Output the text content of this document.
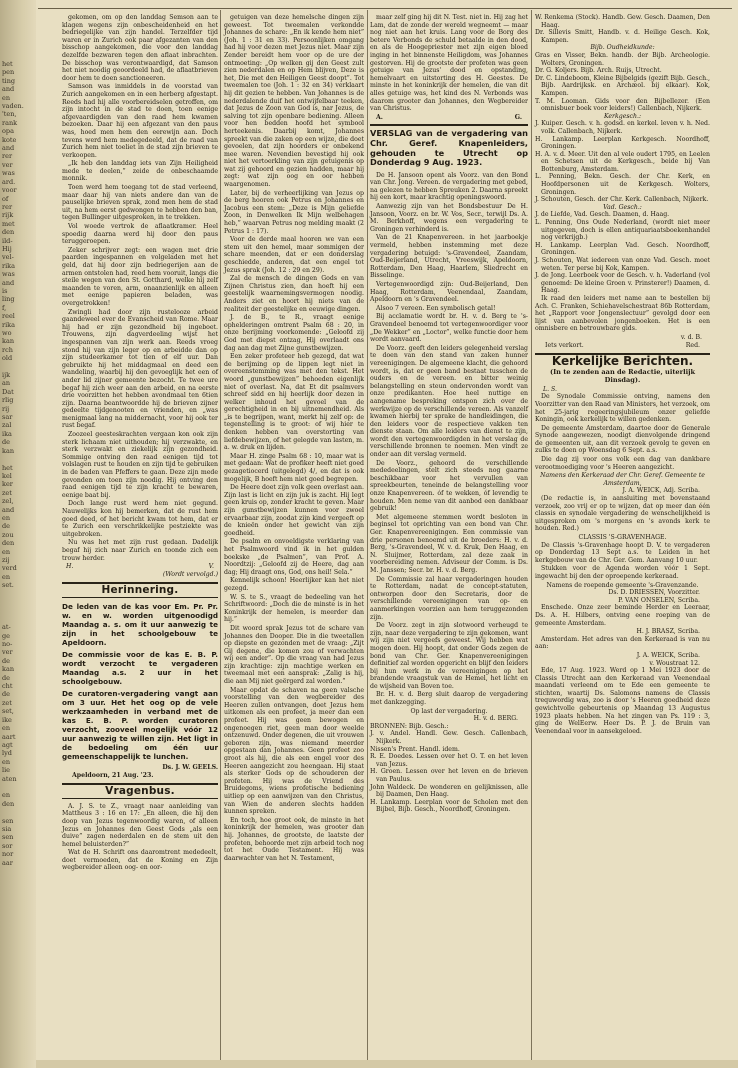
het
pen
ting
and
en
vaden.
'ten,
rank
opa
kote
and
rer
ver
was
ard.
voor
of
rer
rijk
met
den
ild-
Hij
vel-
rika
was
and
is
ling
f,
reel
rika
wo
kan
rch
old

ijk
an
Dat
rlig
rij
sar
zal
ika
de
kan

het
kel
ker
zet
zel,
and
en
de
zou
den
en
zij
verd
en
set.

at-
ge
no-
ver
de
kan
de
cht
de
zet
set,
ike
en
aart
agt
lyd
en
lie
aten

en
den

sen
sia
sen
sor
nor
aar

gekomen, om op den landdag Semson aan te klagen wegens zijn onbescheidenheid en het bedriegelijke van zijn handel. Terzelfder tijd waren er in Zurich ook paar afgezanten van den bisschop aangekomen, die voor den landdag dezelfde bezwaren tegen den aflaat inbrachten. De bisschop was verontwaardigd, dat Samson het niet noodig geoordeeld had, de aflaatbrieven door hem te doen sanctioneeren.

Samson was inmiddels in de voorstad van Zurich aangekomen en in een herberg afgestapt. Reeds had hij alle voorbereidselen getroffen, om zijn intocht in de stad te doen, toen eenige afgevaardigden van den raad hem kwamen bezoeken. Daar hij een afgezant van den paus was, hoed men hem den eerewijn aan. Doch tevens werd hem medegedeeld, dat de raad van Zurich hem niet toeliet in de stad zijn brieven te verkoopen.

„Ik heb den landdag iets van Zijn Heiligheid mede te deelen,” zeide de onbeschaamde monnik.

Toen werd hem toegang tot de stad verleend, maar daar hij van niets andere dan van de pauselijke brieven sprak, zond men hem de stad uit, na hem eerst gedwongen te hebben den ban, tegen Bullinger uitgesproken, in te trekken.

Vol woede vertrok de aflaatkramer. Heel spoedig daarna werd hij door den paus teruggeroepen.

Zeker schrijver zegt: een wagen met drie paarden ingespannen en volgeladen met het geld, dat hij door zijn bedriegerijen aan de armen ontstolen had, reed hem vooruit, langs die steile wegen van den St. Gotthard, welke hij zelf maanden te voren, arm, onaanzienlijk en alleen met eenige papieren beladen, was overgetrokken!

Zwingli had door zijn rustelooze arbeid gaandeweel ever de Evanscheid van Rome. Maar hij had er zijn gezondheid bij ingeboet. Trouwens, zijn dagverdeeling wijst het ingespannen van zijn werk aan. Reeds vroeg stond hij van zijn leger op en arbeidde dan op zijn studeerkamer tot tien of elf uur. Dan gebruikte hij het middagmaal en deed een wandeling, waarbij hij den gevoeglijk het een of ander lid zijner gemeente bezocht. Te twee ure begaf hij zich weer aan den arbeid, en na eerste drie voorzitten het hebben avondmaal ten 6tien zijn. Daarna beantwoordde hij de brieven zijner gedeelte tijdgenooten en vrienden, en „was menigmaal lang na middernacht, voor hij ook ter rust begaf.

Zoozeel geesteskrachten vergaan kon ook zijn sterk lichaam niet uithouden; hij verzwakte, en sterk verzwakt en ziekelijk zijn gezondheid. Sommige ontving den raad eenigen tijd tot volslagen rust te houden en zijn tijd te gebruiken in de baden van Pfeffers te gaan. Deze zijn mede gevonden om toen zijn noodig. Hij ontving den raad eenigen tijd te zijn kracht te bewaren, eenige baat bij.

Doch lange rust werd hem niet gegund. Nauwelijks kon hij bemerken, dat de rust hem goed deed, of het bericht kwam tot hem, dat er te Zurich een verschrikkelijke pestziekte was uitgebroken.

Nu was het met zijn rust gedaan. Dadelijk begaf hij zich naar Zurich en toonde zich een trouw herder.

H.	V.
(Wordt vervolgd.)
Herinnering.
De leden van de kas voor Em. Pr. Pr. w. en w. worden uitgenoodigd Maandag a. s. om it uur aanwezig te zijn in het schoolgebouw te Apeldoorn.
De commissie voor de kas E. B. P. wordt verzocht te vergaderen Maandag a.s. 2 uur in het schoolgebouw.
De curatoren-vergadering vangt aan om 3 uur. Het het oog op de vele werkzaamheden in verband met de kas E. B. P. worden curatoren verzocht, zooveel mogelijk vóór 12 uur aanwezig te willen zijn. Het ligt in de bedoeling om één uur gemeenschappelijk te lunchen.
Ds. J. W. GEELS.
Apeldoorn, 21 Aug. '23.
Vragenbus.

A. J. S. te Z., vraagt naar aanleiding van Mattheus 3 : 16 en 17: „En alleen, die hij den doop van Jezus tegenwoordig waren, of alleen Jezus en Johannes den Geest Gods „als een duive” zagen nederdalen en de stem uit den hemel beluisterden?”

Wat de H. Schrift ons daaromtrent mededeelt, doet vermoeden, dat de Koning en Zijn wegbereider alleen oog- en oor-

getuigen van deze hemelsche dingen zijn geweest. Tot tweemalen verkondde Johannes de schare: „En ik kende hem niet” (Joh. 1 : 31 en 33). Persoonlijken omgang had hij voor dezen met Jezus niet. Maar zijn Zender bereidt hem voor op de ure der ontmoeting: „Op welken gij den Geest zult zien nederdalen en op Hem blijven, Deze is het, Die met den Heiligen Geest doopt”. Tot tweemalen toe (Joh. 1 : 32 en 34) verklaart hij dit gezien te hebben. Van Johannes is de nederdalende duif het ontwijfelbaar teeken, dat Jezus de Zoon van God is, nar Jezus, de salving tot zijn openbare bediening. Alleen voor hen bedden hoofd het symbool herteekenis. Daarbij komt, Johannes spreekt van die zaken op een wijze, die doet gevoelen, dat zijn hoorders er onbekend mee waren. Nevendien bevestigd hij ook niet het vertoerkling van zijn getuigenis op wat zij gehoord en gezien hadden, maar hij zegt: wat zijn oog en oor hebben waargenomen.

Later, bij de verheerlijking van Jezus op de berg hooren ook Petrus en Johannes en Jacobus een stem: „Deze is Mijn geliefde Zoon, in Denwelken Ik Mijn welbehagen heb,” waarvan Petrus nog melding maakt (2 Petrus 1 : 17).

Voor de derde maal hooren we van een stem uit den hemel, maar sommigen der schare meenden, dat er een donderslag geschiedde, anderen, dat een engel tot Jezus sprak (Joh. 12 : 29 en 29).

Zal de mensch de dingen Gods en van Zijnen Christus zien, dan hoeft hij een geestelijk waarnemingsvermogen noodig. Anders ziet en hoort hij niets van de realiteit der geestelijke en eeuwige dingen.

J. de B., te R., vraagt eenige ophelderingen omtrent Psalm 68 : 20, in onze berijming voorkomende: „Geloofd zij God met diepst ontzag, Hij overlaadt ons dag aan dag met Zijne gunstbewijzen.

Een zeker profeteer heb gezegd, dat wat de berijming op de lippen legt niet in overeenstemming was met den tekst. Het woord „gunstbewijzen” behoeden eigenlijk niet of overlast. Na, dat Et dit psalmvers schreef sidd en hij heerlijk door dezen in welker inhoud het gevoel van de gerechtigheid in en bij uitnemendheid. Als „is te begrijpen, want, merkt hij zelf op: de tegenstelling is te groot: of wij hier te denken hebben van overstorting van liefdebewijzen, of het gelegde van lasten, m. a. w. druk en lijden.

Maar H. zinge Psalm 68 : 10, maar wat is met gedaan: Wat de profiker heeft niet goed gezagetiocerd (uitgelegd) 4/, en dat is ook mogelijk, B hoeft hem niet goed begrepen.

De Heere doet zijn volk geen overlast aan. Zijn last is licht en zijn juk is zacht. Hij legt geen kruis op, zonder kracht te geven. Maar zijn gunstbewijzen kunnen voor zwoel ervaarbaar zijn, zoodat zijn kind vergeeft op de knieën onder het gewicht van zijn goedheid.

De psalm en onvoeldigste verklaring van het Psalmwoord vind ik in het gulden boekske „de Psalmen”, van Prof. A. Noordtzij: „Geloofd zij de Heere, dag aan dag; Hij draagt ons, God, ons heil! Sela.”

Kennelijk schoon! Heerlijker kan het niet gezegd.

W. S. te S., vraagt de bedeeling van het Schriftwoord: „Doch die de minste is in het Koninkrijk der hemelen, is meerder dan hij.”

Dit woord sprak Jezus tot de schare van Johannes den Dooper. Die in die tweetallen op diepste en gezonden met de vraag: „Zijt Gij degene, die komen zou of verwachten wij een ander”. Op die vraag van had Jezus zijn krachtige: zijn machtige werken en tweemaal met een aansprak: „Zalig is hij, die aan Mij niet geërgerd zal worden.”

Maar opdat de schaven na geen valsche voorstelling van den wegbereider des Heeren zullen ontvangen, doet Jezus hem uitkomen als een profeet, ja meer dan een profeet. Hij was geen bewogen en ongenoegen riet, geen man door weelde ontzenuwd. Onder degenen, die uit vrouwen geboren zijn, was niemand meerder opgestaan dan Johannes. Geen profeet zoo groot als hij, die als een engel voor des Heeren aangezicht zou heengaan. Hij staat als sterker Gods op de schouderen der profeten. Hij was de Vriend des Bruidegoms, wiens profetische bediening uitliep op een aanwijzen van den Christus, van Wien de anderen slechts hadden kunnen spreken.

En toch, hoe groot ook, de minste in het koninkrijk der hemelen, was grooter dan hij. Johannes, de grootste, de laatste der profeten, behoorde met zijn arbeid toch nog tot het Oude Testament. Hij was daarwachter van het N. Testament,

maar zelf ging hij dit N. Test. niet in. Hij zag het Lam, dat de zonde der wereld wegneemt — maar nog niet aan het kruis. Lang voor de Borg des betere Verbonds de schuld betaalde in den dood, en als de Hoogepriester met zijn eigen bloed inging in het binnenste Heiligdom, was Johannes gestorven. Hij de grootste der profeten was geen getuige van Jezus' dood en opstanding, hemelvaart en uitstorting des H. Geestes. De minste in het koninkrijk der hemelen, die van dit alles getuige was, het kind des N. Verbonds was daarom grooter dan Johannes, den Wegbereider van Christus.

A.	G.
VERSLAG van de vergadering van Chr. Geref. Knapenleiders, gehouden te Utrecht op Donderdag 9 Aug. 1923.

De H. Jansoon opent als Voorz. van den Bond van Chr. Jong. Vereen. de vergadering met gebed, na gelezen te hebben Spreuken 2. Daarna spreekt hij een kort, maar krachtig openingswoord.

Aanwezig zijn van het Bondsbestuur De H. Jansoon, Voorz. en br. W. Vos, Secr., terwijl Ds. A. M. Berkhoff, wegens een vergadering te Groningen verhinderd is.

Van de 21 Knapenvereen. in het jaarboekje vermeld, hebben instemming met deze vergadering betuigd: 's-Gravendeel, Zaandam, Oud-Beijerland, Utrecht, Vreeswijk, Apeldoorn, Rotterdam, Den Haag, Haarlem, Sliedrecht en Bisselinge.

Vertegenwoordigd zijn: Oud-Beijerland, Den Haag, Rotterdam, Veenendaal, Zaandam, Apeldoorn en 's Gravendeel.

Alsoo 7 vereen. Een symbolisch getal!

Bij acclamatie wordt br. H. v. d. Berg te 's-Gravendeel benoemd tot vertegenwoordiger voor „De Wekker” en „Loctor”, welke functie door hem wordt aanvaard.

De Voorz. geeft den leiders gelegenheid verslag te doen van den stand van zaken hunner vereenigingen. De algemeene klacht, die gehoord wordt, is, dat er geen band bestaat tusschen de ouders en de vereen. en bitter weinig belangstelling en steun ondervonden wordt van onze predikanten. Hoe heel nuttige en aangename bespreking ontspon zich over de werkwijze op de verschillende vereen. Als vanzelf kwamen hierbij ter sprake de handleidingen, die den leiders voor de respectieve vakken ten dienste staan. Om alle leiders van dienst te zijn, wordt den vertegenwoordigden in het verslag de verschillende bronnen te noemen. Men vindt ze onder aan dit verslag vermeld.

De Voorz., gehoord de verschillende mededeelingen, stelt zich steeds nog gaarne beschikbaar voor het vervullen van spreekbeurten, teneinde de belangstelling voor onze Knapenvereen. óf te wekken, óf levendig te houden. Men neme van dit aanbod een dankbaar gebruik!

Met algemeene stemmen wordt besloten in beginsel tot oprichting van een bond van Chr. Ger. Knapenvereenigingen. Een commissie van drie personen benoemd uit de broeders: H. v. d. Berg, 's-Gravendeel, W. v. d. Kruk, Den Haag, en N. Sluijmer, Rotterdam, zal deze zaak in voorbereiding nemen. Adviseur der Comm. is Ds. M. Janssen; Secr. br. H. v. d. Berg.

De Commissie zal haar vergaderingen houden te Rotterdam, nadat de concept-statuten, ontworpen door den Secretaris, door de verschillende vereenigingen van op- en aanmerkingen voorzien aan hem teruggezonden zijn.

De Voorz. zegt in zijn slotwoord verheugd te zijn, naar deze vergadering te zijn gekomen, want wij zijn niet vergeefs geweest. Wij hebben wat mogen doen. Hij hoopt, dat onder Gods zegen de bond van Chr. Ger. Knapenvereenigingen definitief zal worden opgericht en blijf den leiders bij hun werk in de vereenigingen op het brandende vraagstuk van de Hemel, het licht en de wijsheid van Boven toe.

Br. H. v. d. Berg sluit daarop de vergadering met dankzegging.

Op last der vergadering.
H. v. d. BERG.
BRONNEN: Bijb. Gesch.:
J. v. Andel. Handl. Gew. Gesch. Callenbach, Nijkerk.
Nissen's Prent. Handl. idem.
R. E. Doedes. Lessen over het O. T. en het leven van Jezus.
H. Groen. Lessen over het leven en de brieven van Paulus.
John Waldeck. De wonderen en gelijknissen, alle bij Daamen, Den Haag.
H. Lankamp. Leerplan voor de Scholen met den Bijbel, Bijb. Gesch., Noordhoff, Groningen.
W. Renkema (Stock). Handb. Gew. Gesch. Daamen, Den Haag.
Dr. Sillevis Smitt, Handb. v. d. Heilige Gesch. Kok, Kampen.
Bijb. Oudheidkunde:
Gras en Visser, Bekn. handb. der Bijb. Archeologie. Wolters, Groningen.
Dr. G. Koljers. Bijb. Arch. Ruijs, Utrecht.
Dr. C. Lindeboom, Kleine Bijbelgids (gezift Bijb. Gesch., Bijb. Aardrijksk. en Archæol. bij elkaar). Kok, Kampen.
T. M. Looman. Gids voor den Bijbellezer. (Een omnisbuer boek voor leiders!) Callenbach, Nijkerk.
Kerkgesch.:
J. Kuiper. Gesch. v. h. godsd. en kerkel. leven v. h. Ned. volk. Callenbach, Nijkerk.
H. Lankamp. Leerplan Kerkgesch. Noordhoff, Groningen.
H. A. v. d. Meer. Uit den al vele oudert 1795, en Leelen en Schetsen uit de Kerkgesch., beide bij Van Bottenburg, Amsterdam.
L. Penning, Bekn. Gesch. der Chr. Kerk, en Hoofdpersonen uit de Kerkgesch. Wolters, Groningen.
J. Schouten, Gesch. der Chr. Kerk. Callenbach, Nijkerk.
Vad. Gesch.:
J. de Liefde, Vad. Gesch. Daamen, d. Haag.
L. Penning, Ons Oude Nederland, (wordt niet meer uitgegeven, doch is ellen antiquariaatsboekenhandel nog verkrijgb.)
H. Lankamp. Leerplan Vad. Gesch. Noordhoff, Groningen.
J. Schouten, Wat iedereen van onze Vad. Gesch. moet weten. Ter perse bij Kok, Kampen.
J. de Jong. Leerboek voor de Gesch. v. h. Vaderland (vol genoemd: De kleine Groen v. Prinsterer!) Daamen, d. Haag.

Ik raad den leiders met name aan te bestellen bij Ach. C. Franken, Schiehavelschestraat 86b Rotterdam, het „Rapport voor Jongenslectuur” gevolgd door een lijst van aanbevolen jongenboeken. Het is een omnisbere en betrouwbare gids.

v. d. B.
Iets verkort.	Red.
Kerkelijke Berichten.
(In te zenden aan de Redactie, uiterlijk Dinsdag).
L. S.

De Synodale Commissie ontving, namens den Voorzitter van den Raad van Ministers, het verzoek, om het 25-jarig regeeringsjubileum onzer geliefde Koningin, ook kerkelijk te willen gedenken.

De gemeente Amsterdam, daartoe door de Generale Synode aangewezen, noodigt dienvolgende dringend de gemeenten uit, aan dit verzoek gevolg te geven en zulks te doen op Woensdag 6 Sept. a.s.

Die dag zij voor ons volk een dag van dankbare verootmoediging voor 's Heeren aangezicht.

Namens den Kerkeraad der Chr. Geref. Gemeente te Amsterdam,
J. A. WEICK, Adj. Scriba.

(De redactie is, in aansluiting met bovenstaand verzoek, zoo vrij er op te wijzen, dat op meer dan één classis en synodale vergadering de wenschelijkheid is uitgesproken om 's morgens en 's avonds kerk te houden. Red.)

CLASSIS 'S-GRAVENHAGE.

De Classis 's-Gravenhage hoopt D. V. te vergaderen op Donderdag 13 Sept a.s. te Leiden in het kerkgebouw van de Chr. Ger. Gem. Aanvang 10 uur.

Stukken voor de Agenda worden vóór 1 Sept. ingewacht bij den der oproepende kerkeraad.

Namens de roepende gemeente 's-Gravenzande.
Ds. D. DRIESSEN, Voorzitter.
P. VAN ONSELEN, Scriba.

Enschede. Onze zeer beminde Herder en Leeraar, Ds. A. H. Hilbers, ontving eene roeping van de gemeente Amsterdam.

H. J. BRASZ, Scriba.

Amsterdam. Het adres van den Kerkeraad is van nu aan:

J. A. WEICK, Scriba.
v. Woustraat 12.

Ede, 17 Aug. 1923. Werd op 1 Mei 1923 door de Classis Utrecht aan den Kerkeraad van Veenendaal maandati verleend om te Ede een gemeente te stichten, waartij Ds. Salomons namens de Classis trequwordig was, zoo is door 's Heeren goedheid deze gewichtvolle gebeurtenis op Maandag 13 Augustus 1923 plaats hebben. Na het zingen van Ps. 119 : 3, ging de WelEerw. Heer Ds. P. J. de Bruin van Veenendaal voor in aansekgeloed.
